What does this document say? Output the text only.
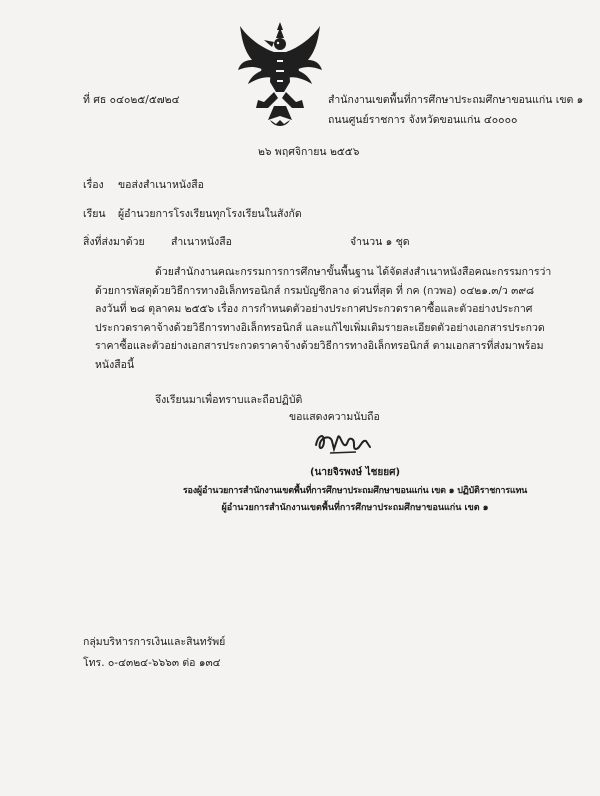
ที่ ศธ ๐๔๐๒๕/๕๗๒๔	สำนักงานเขตพื้นที่การศึกษาประถมศึกษาขอนแก่น เขต ๑
ถนนศูนย์ราชการ จังหวัดขอนแก่น ๔๐๐๐๐
๒๖ พฤศจิกายน ๒๕๕๖
เรื่อง ขอส่งสำเนาหนังสือ
เรียน ผู้อำนวยการโรงเรียนทุกโรงเรียนในสังกัด
สิ่งที่ส่งมาด้วย	สำเนาหนังสือ	จำนวน ๑ ชุด
ด้วยสำนักงานคณะกรรมการการศึกษาขั้นพื้นฐาน ได้จัดส่งสำเนาหนังสือคณะกรรมการว่า
ด้วยการพัสดุด้วยวิธีการทางอิเล็กทรอนิกส์ กรมบัญชีกลาง ด่วนที่สุด ที่ กค (กวพอ) ๐๔๒๑.๓/ว ๓๙๘
ลงวันที่ ๒๘ ตุลาคม ๒๕๕๖ เรื่อง การกำหนดตัวอย่างประกาศประกวดราคาซื้อและตัวอย่างประกาศ
ประกวดราคาจ้างด้วยวิธีการทางอิเล็กทรอนิกส์ และแก้ไขเพิ่มเติมรายละเอียดตัวอย่างเอกสารประกวด
ราคาซื้อและตัวอย่างเอกสารประกวดราคาจ้างด้วยวิธีการทางอิเล็กทรอนิกส์ ตามเอกสารที่ส่งมาพร้อม
หนังสือนี้
จึงเรียนมาเพื่อทราบและถือปฏิบัติ
ขอแสดงความนับถือ
(นายจิรพงษ์ ไชยยศ)
รองผู้อำนวยการสำนักงานเขตพื้นที่การศึกษาประถมศึกษาขอนแก่น เขต ๑ ปฏิบัติราชการแทน
ผู้อำนวยการสำนักงานเขตพื้นที่การศึกษาประถมศึกษาขอนแก่น เขต ๑
กลุ่มบริหารการเงินและสินทรัพย์
โทร. ๐-๔๓๒๔-๖๖๖๓ ต่อ ๑๓๔
